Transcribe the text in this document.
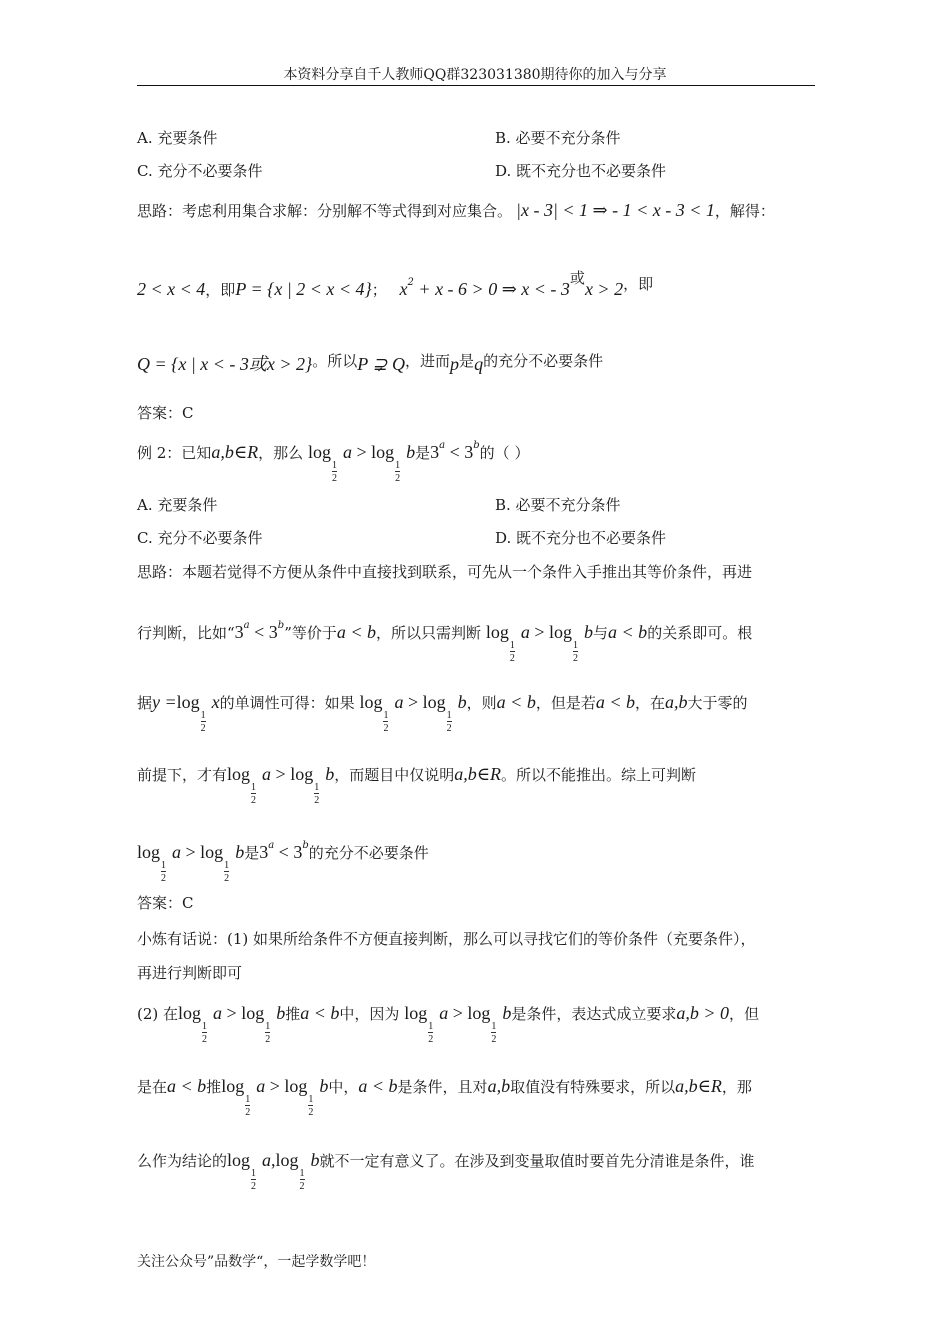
本资料分享自千人教师QQ群323031380期待你的加入与分享
A. 充要条件	B. 必要不充分条件
C. 充分不必要条件	D. 既不充分也不必要条件
思路：考虑利用集合求解：分别解不等式得到对应集合。 |x - 3| < 1 ⇒ - 1 < x - 3 < 1，解得：
2 < x < 4，即P = {x | 2 < x < 4}； $x^2 + x - 6 > 0$ ⇒ x < - 3或x > 2，即
Q = {x | x < - 3或x > 2}。所以P ⊋ Q，进而p是q的充分不必要条件
答案：C
例 2：已知a,b∈R，那么 log
1
2
a > log
1
2
b是$3^a < 3^b$的（ ）
A. 充要条件	B. 必要不充分条件
C. 充分不必要条件	D. 既不充分也不必要条件
思路：本题若觉得不方便从条件中直接找到联系，可先从一个条件入手推出其等价条件，再进
行判断，比如“$3^a < 3^b$”等价于a < b，所以只需判断 log
1
2
a > log
1
2
b与a < b的关系即可。根
据y =log
1
2
x的单调性可得：如果 log
1
2
a > log
1
2
b，则a < b，但是若a < b，在a,b大于零的
前提下，才有log
1
2
a > log
1
2
b，而题目中仅说明a,b∈R。所以不能推出。综上可判断
log
1
2
a > log
1
2
b是$3^a < 3^b$的充分不必要条件
答案：C
小炼有话说：(1) 如果所给条件不方便直接判断，那么可以寻找它们的等价条件（充要条件），
再进行判断即可
(2) 在log
1
2
a > log
1
2
b推a < b中，因为 log
1
2
a > log
1
2
b是条件，表达式成立要求a,b > 0，但
是在a < b推log
1
2
a > log
1
2
b中，a < b是条件，且对a,b取值没有特殊要求，所以a,b∈R，那
么作为结论的log
1
2
a,log
1
2
b就不一定有意义了。在涉及到变量取值时要首先分清谁是条件，谁
关注公众号”品数学“，一起学数学吧！
